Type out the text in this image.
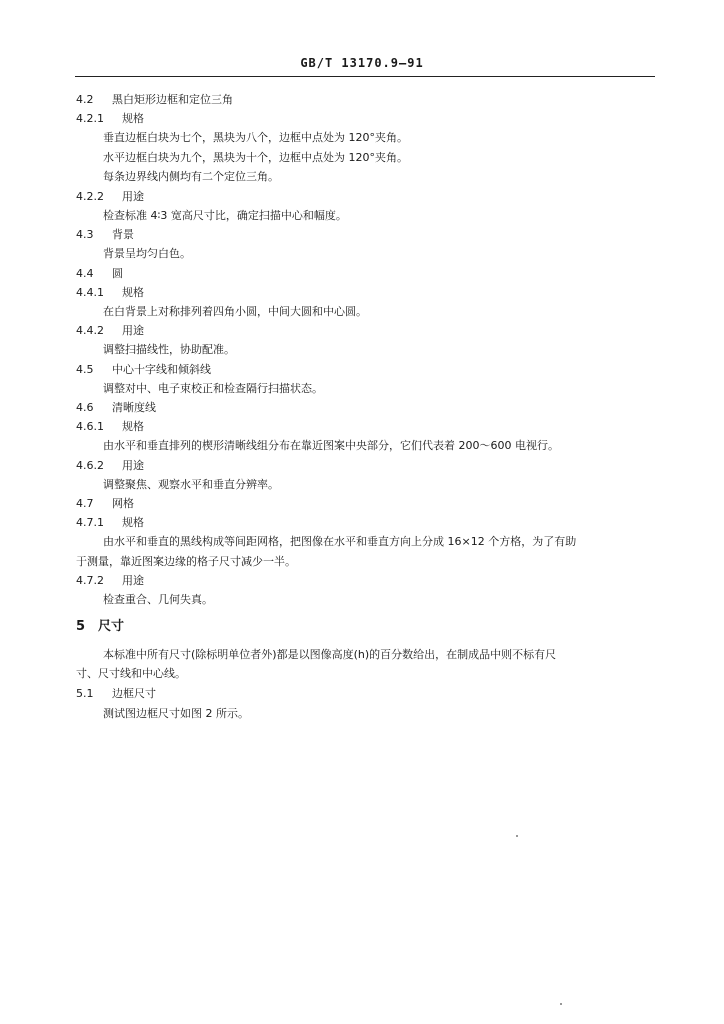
GB/T 13170.9—91
4.2 黑白矩形边框和定位三角
4.2.1 规格
垂直边框白块为七个，黑块为八个，边框中点处为 120°夹角。
水平边框白块为九个，黑块为十个，边框中点处为 120°夹角。
每条边界线内侧均有二个定位三角。
4.2.2 用途
检查标准 4∶3 宽高尺寸比，确定扫描中心和幅度。
4.3 背景
背景呈均匀白色。
4.4 圆
4.4.1 规格
在白背景上对称排列着四角小圆，中间大圆和中心圆。
4.4.2 用途
调整扫描线性，协助配准。
4.5 中心十字线和倾斜线
调整对中、电子束校正和检查隔行扫描状态。
4.6 清晰度线
4.6.1 规格
由水平和垂直排列的楔形清晰线组分布在靠近图案中央部分，它们代表着 200～600 电视行。
4.6.2 用途
调整聚焦、观察水平和垂直分辨率。
4.7 网格
4.7.1 规格
由水平和垂直的黑线构成等间距网格，把图像在水平和垂直方向上分成 16×12 个方格，为了有助
于测量，靠近图案边缘的格子尺寸减少一半。
4.7.2 用途
检查重合、几何失真。
5 尺寸
本标准中所有尺寸(除标明单位者外)都是以图像高度(h)的百分数给出，在制成品中则不标有尺
寸、尺寸线和中心线。
5.1 边框尺寸
测试图边框尺寸如图 2 所示。
